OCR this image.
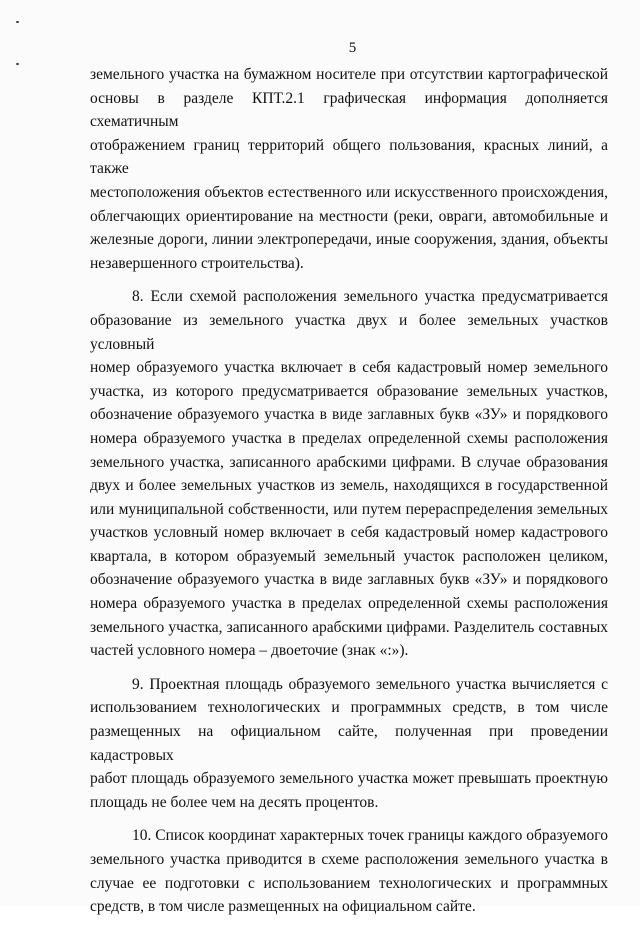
5
земельного участка на бумажном носителе при отсутствии картографической
основы в разделе КПТ.2.1 графическая информация дополняется схематичным
отображением границ территорий общего пользования, красных линий, а также
местоположения объектов естественного или искусственного происхождения,
облегчающих ориентирование на местности (реки, овраги, автомобильные и
железные дороги, линии электропередачи, иные сооружения, здания, объекты
незавершенного строительства).
8. Если схемой расположения земельного участка предусматривается
образование из земельного участка двух и более земельных участков условный
номер образуемого участка включает в себя кадастровый номер земельного
участка, из которого предусматривается образование земельных участков,
обозначение образуемого участка в виде заглавных букв «ЗУ» и порядкового
номера образуемого участка в пределах определенной схемы расположения
земельного участка, записанного арабскими цифрами. В случае образования
двух и более земельных участков из земель, находящихся в государственной
или муниципальной собственности, или путем перераспределения земельных
участков условный номер включает в себя кадастровый номер кадастрового
квартала, в котором образуемый земельный участок расположен целиком,
обозначение образуемого участка в виде заглавных букв «ЗУ» и порядкового
номера образуемого участка в пределах определенной схемы расположения
земельного участка, записанного арабскими цифрами. Разделитель составных
частей условного номера – двоеточие (знак «:»).
9. Проектная площадь образуемого земельного участка вычисляется с
использованием технологических и программных средств, в том числе
размещенных на официальном сайте, полученная при проведении кадастровых
работ площадь образуемого земельного участка может превышать проектную
площадь не более чем на десять процентов.
10. Список координат характерных точек границы каждого образуемого
земельного участка приводится в схеме расположения земельного участка в
случае ее подготовки с использованием технологических и программных
средств, в том числе размещенных на официальном сайте.
